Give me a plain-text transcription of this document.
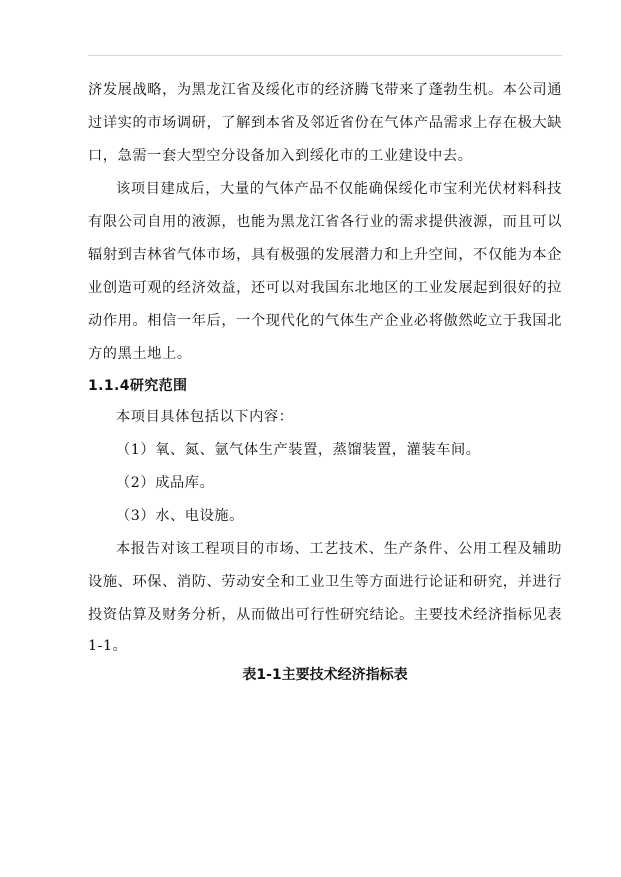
济发展战略，为黑龙江省及绥化市的经济腾飞带来了蓬勃生机。本公司通
过详实的市场调研，了解到本省及邻近省份在气体产品需求上存在极大缺
口，急需一套大型空分设备加入到绥化市的工业建设中去。
该项目建成后，大量的气体产品不仅能确保绥化市宝利光伏材料科技
有限公司自用的液源，也能为黑龙江省各行业的需求提供液源，而且可以
辐射到吉林省气体市场，具有极强的发展潜力和上升空间，不仅能为本企
业创造可观的经济效益，还可以对我国东北地区的工业发展起到很好的拉
动作用。相信一年后，一个现代化的气体生产企业必将傲然屹立于我国北
方的黑土地上。
1.1.4研究范围
本项目具体包括以下内容：
（1）氧、氮、氩气体生产装置，蒸馏装置，灌装车间。
（2）成品库。
（3）水、电设施。
本报告对该工程项目的市场、工艺技术、生产条件、公用工程及辅助
设施、环保、消防、劳动安全和工业卫生等方面进行论证和研究，并进行
投资估算及财务分析，从而做出可行性研究结论。主要技术经济指标见表
1-1。
表1-1主要技术经济指标表
